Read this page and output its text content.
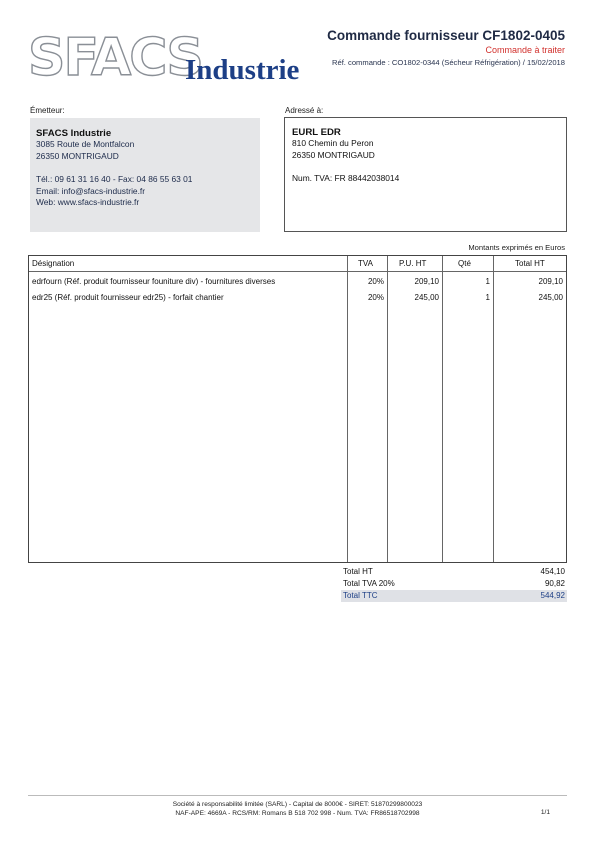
SFACS
Industrie
Commande fournisseur CF1802-0405
Commande à traiter
Réf. commande : CO1802-0344 (Sécheur Réfrigération) / 15/02/2018
Émetteur:
SFACS Industrie
3085 Route de Montfalcon
26350 MONTRIGAUD
Tél.: 09 61 31 16 40 - Fax: 04 86 55 63 01
Email: info@sfacs-industrie.fr
Web: www.sfacs-industrie.fr
Adressé à:
EURL EDR
810 Chemin du Peron
26350 MONTRIGAUD
Num. TVA: FR 88442038014
Montants exprimés en Euros
Désignation	TVA	P.U. HT	Qté	Total HT
edrfourn (Réf. produit fournisseur founiture div) - fournitures diverses	20%	209,10	1	209,10
edr25 (Réf. produit fournisseur edr25) - forfait chantier	20%	245,00	1	245,00
Total HT	454,10
Total TVA 20%	90,82
Total TTC	544,92
Société à responsabilité limitée (SARL) - Capital de 8000€ - SIRET: 51870299800023
NAF-APE: 4669A - RCS/RM: Romans B 518 702 998 - Num. TVA: FR86518702998	1/1
